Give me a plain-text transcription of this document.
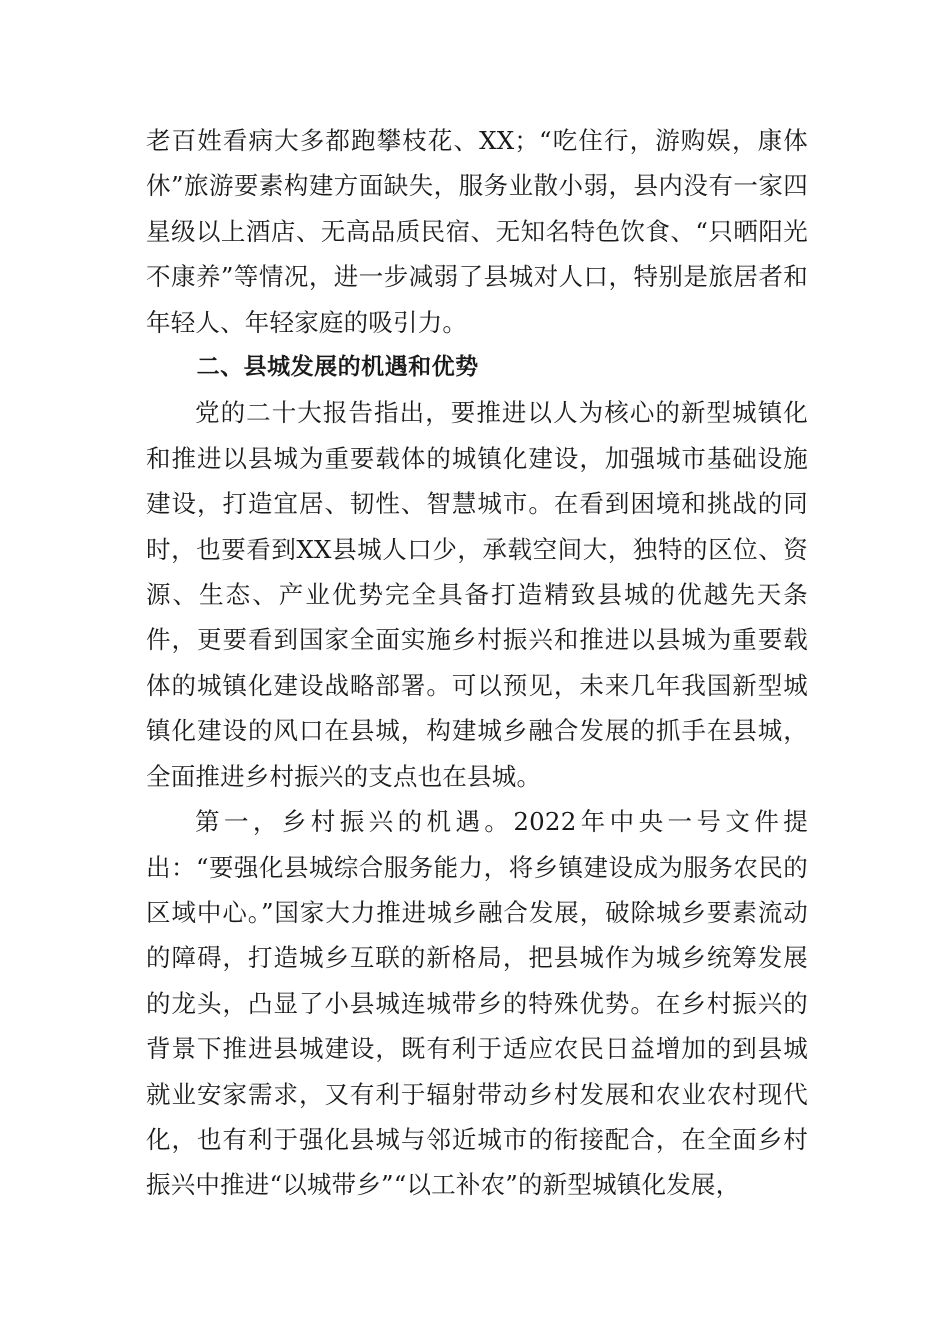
老百姓看病大多都跑攀枝花、XX；“吃住行，游购娱，康体休”旅游要素构建方面缺失，服务业散小弱，县内没有一家四星级以上酒店、无高品质民宿、无知名特色饮食、“只晒阳光不康养”等情况，进一步减弱了县城对人口，特别是旅居者和年轻人、年轻家庭的吸引力。

二、县城发展的机遇和优势

党的二十大报告指出，要推进以人为核心的新型城镇化和推进以县城为重要载体的城镇化建设，加强城市基础设施建设，打造宜居、韧性、智慧城市。在看到困境和挑战的同时，也要看到XX县城人口少，承载空间大，独特的区位、资源、生态、产业优势完全具备打造精致县城的优越先天条件，更要看到国家全面实施乡村振兴和推进以县城为重要载体的城镇化建设战略部署。可以预见，未来几年我国新型城镇化建设的风口在县城，构建城乡融合发展的抓手在县城，全面推进乡村振兴的支点也在县城。

第一，乡村振兴的机遇。2022年中央一号文件提出：“要强化县城综合服务能力，将乡镇建设成为服务农民的区域中心。”国家大力推进城乡融合发展，破除城乡要素流动的障碍，打造城乡互联的新格局，把县城作为城乡统筹发展的龙头，凸显了小县城连城带乡的特殊优势。在乡村振兴的背景下推进县城建设，既有利于适应农民日益增加的到县城就业安家需求，又有利于辐射带动乡村发展和农业农村现代化，也有利于强化县城与邻近城市的衔接配合，在全面乡村振兴中推进“以城带乡”“以工补农”的新型城镇化发展，
